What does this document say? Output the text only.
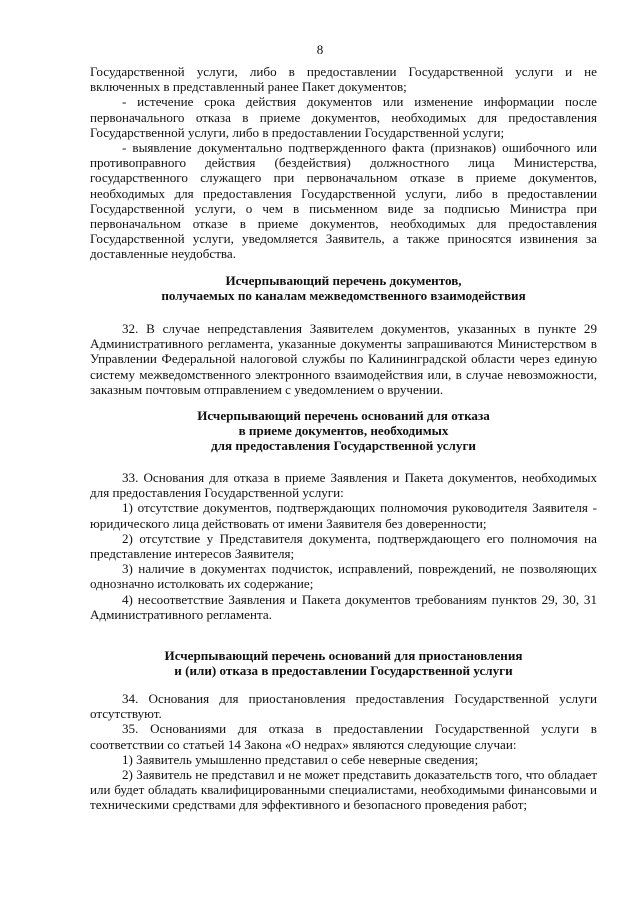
8

Государственной услуги, либо в предоставлении Государственной услуги и не включенных в представленный ранее Пакет документов;

- истечение срока действия документов или изменение информации после первоначального отказа в приеме документов, необходимых для предоставления Государственной услуги, либо в предоставлении Государственной услуги;

- выявление документально подтвержденного факта (признаков) ошибочного или противоправного действия (бездействия) должностного лица Министерства, государственного служащего при первоначальном отказе в приеме документов, необходимых для предоставления Государственной услуги, либо в предоставлении Государственной услуги, о чем в письменном виде за подписью Министра при первоначальном отказе в приеме документов, необходимых для предоставления Государственной услуги, уведомляется Заявитель, а также приносятся извинения за доставленные неудобства.

Исчерпывающий перечень документов,

получаемых по каналам межведомственного взаимодействия

32. В случае непредставления Заявителем документов, указанных в пункте 29 Административного регламента, указанные документы запрашиваются Министерством в Управлении Федеральной налоговой службы по Калининградской области через единую систему межведомственного электронного взаимодействия или, в случае невозможности, заказным почтовым отправлением с уведомлением о вручении.

Исчерпывающий перечень оснований для отказа

в приеме документов, необходимых

для предоставления Государственной услуги

33. Основания для отказа в приеме Заявления и Пакета документов, необходимых для предоставления Государственной услуги:

1) отсутствие документов, подтверждающих полномочия руководителя Заявителя - юридического лица действовать от имени Заявителя без доверенности;

2) отсутствие у Представителя документа, подтверждающего его полномочия на представление интересов Заявителя;

3) наличие в документах подчисток, исправлений, повреждений, не позволяющих однозначно истолковать их содержание;

4) несоответствие Заявления и Пакета документов требованиям пунктов 29, 30, 31 Административного регламента.

Исчерпывающий перечень оснований для приостановления

и (или) отказа в предоставлении Государственной услуги

34. Основания для приостановления предоставления Государственной услуги отсутствуют.

35. Основаниями для отказа в предоставлении Государственной услуги в соответствии со статьей 14 Закона «О недрах» являются следующие случаи:

1) Заявитель умышленно представил о себе неверные сведения;

2) Заявитель не представил и не может представить доказательств того, что обладает или будет обладать квалифицированными специалистами, необходимыми финансовыми и техническими средствами для эффективного и безопасного проведения работ;
